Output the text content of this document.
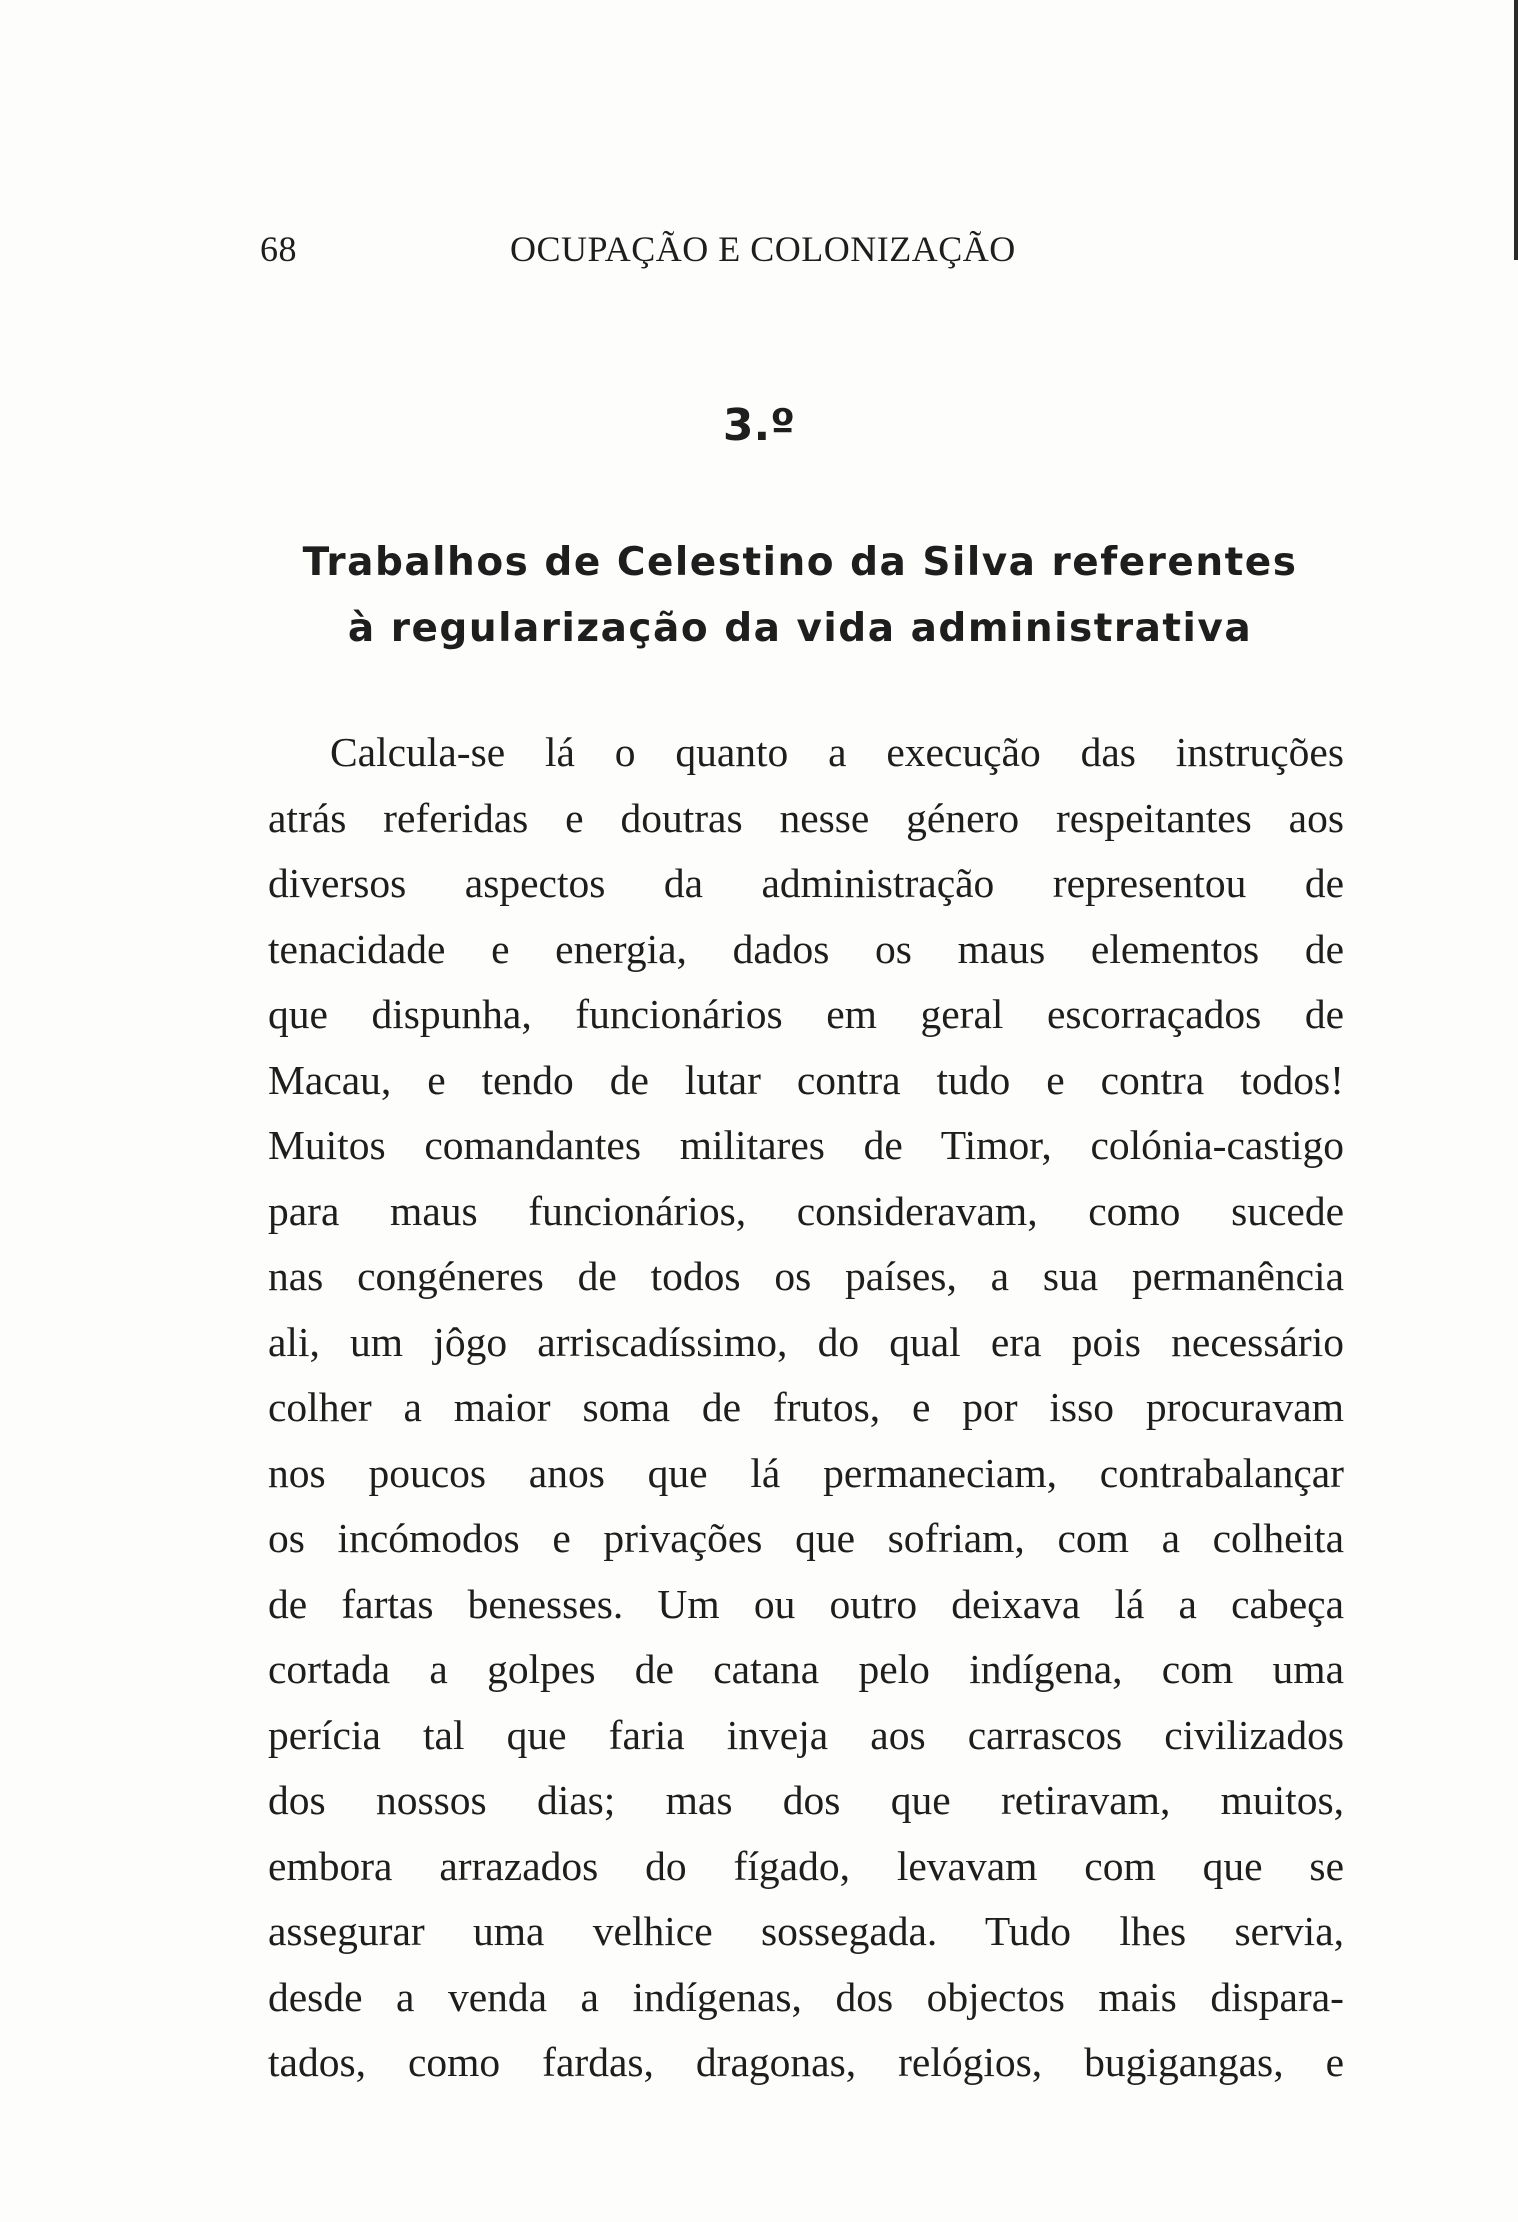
68	OCUPAÇÃO E COLONIZAÇÃO
3.º
Trabalhos de Celestino da Silva referentes
à regularização da vida administrativa
Calcula-se lá o quanto a execução das instruções
atrás referidas e doutras nesse género respeitantes aos
diversos aspectos da administração representou de
tenacidade e energia, dados os maus elementos de
que dispunha, funcionários em geral escorraçados de
Macau, e tendo de lutar contra tudo e contra todos!
Muitos comandantes militares de Timor, colónia-castigo
para maus funcionários, consideravam, como sucede
nas congéneres de todos os países, a sua permanência
ali, um jôgo arriscadíssimo, do qual era pois necessário
colher a maior soma de frutos, e por isso procuravam
nos poucos anos que lá permaneciam, contrabalançar
os incómodos e privações que sofriam, com a colheita
de fartas benesses. Um ou outro deixava lá a cabeça
cortada a golpes de catana pelo indígena, com uma
perícia tal que faria inveja aos carrascos civilizados
dos nossos dias; mas dos que retiravam, muitos,
embora arrazados do fígado, levavam com que se
assegurar uma velhice sossegada. Tudo lhes servia,
desde a venda a indígenas, dos objectos mais dispara-
tados, como fardas, dragonas, relógios, bugigangas, e
